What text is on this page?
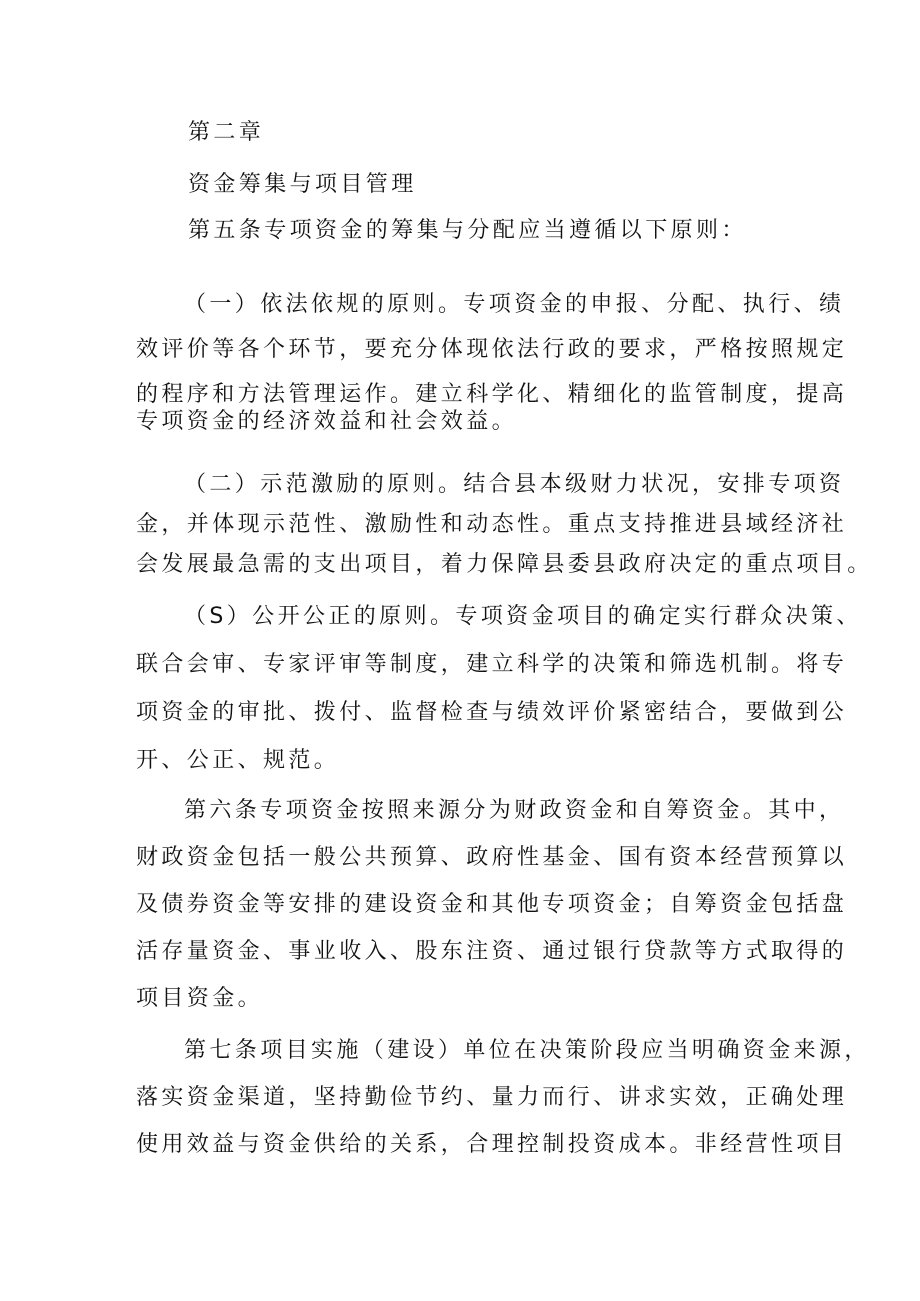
第二章
资金筹集与项目管理
第五条专项资金的筹集与分配应当遵循以下原则：
（一）依法依规的原则。专项资金的申报、分配、执行、绩
效评价等各个环节，要充分体现依法行政的要求，严格按照规定
的程序和方法管理运作。建立科学化、精细化的监管制度，提高
专项资金的经济效益和社会效益。
（二）示范激励的原则。结合县本级财力状况，安排专项资
金，并体现示范性、激励性和动态性。重点支持推进县域经济社
会发展最急需的支出项目，着力保障县委县政府决定的重点项目。
（S）公开公正的原则。专项资金项目的确定实行群众决策、
联合会审、专家评审等制度，建立科学的决策和筛选机制。将专
项资金的审批、拨付、监督检查与绩效评价紧密结合，要做到公
开、公正、规范。
第六条专项资金按照来源分为财政资金和自筹资金。其中，
财政资金包括一般公共预算、政府性基金、国有资本经营预算以
及债券资金等安排的建设资金和其他专项资金；自筹资金包括盘
活存量资金、事业收入、股东注资、通过银行贷款等方式取得的
项目资金。
第七条项目实施（建设）单位在决策阶段应当明确资金来源，
落实资金渠道，坚持勤俭节约、量力而行、讲求实效，正确处理
使用效益与资金供给的关系，合理控制投资成本。非经营性项目
